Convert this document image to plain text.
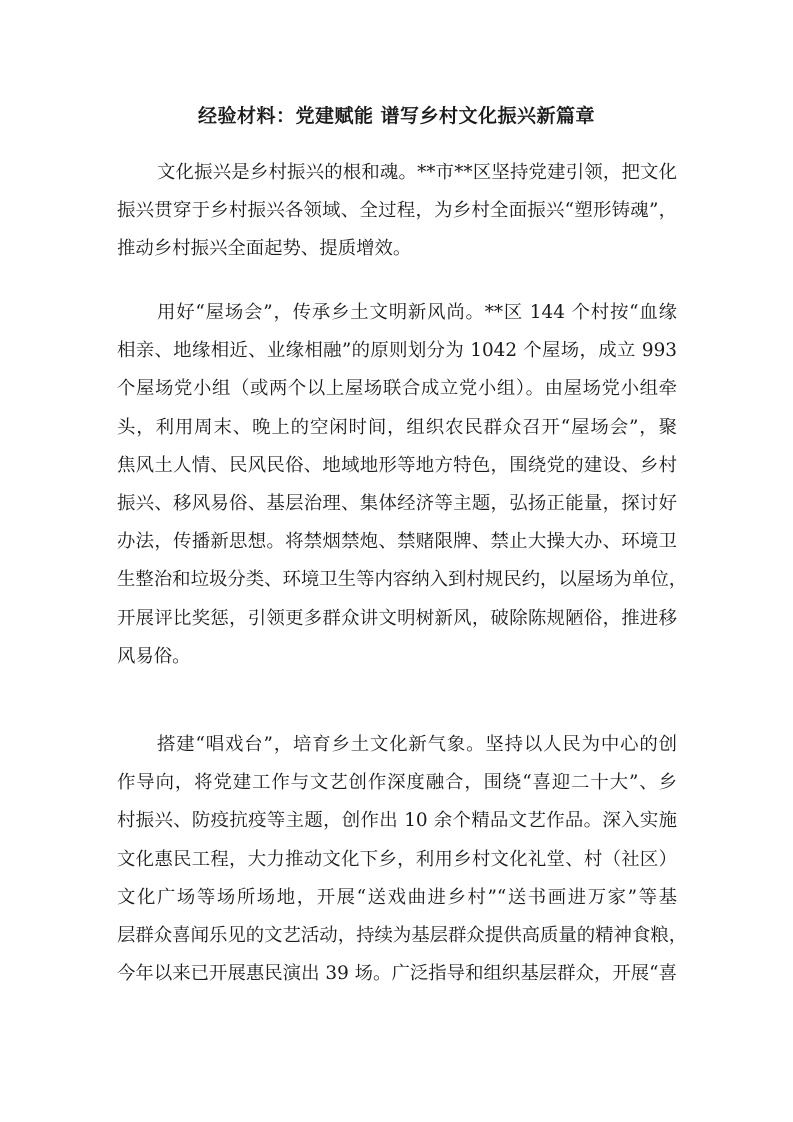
经验材料：党建赋能 谱写乡村文化振兴新篇章
文化振兴是乡村振兴的根和魂。**市**区坚持党建引领，把文化
振兴贯穿于乡村振兴各领域、全过程，为乡村全面振兴“塑形铸魂”，
推动乡村振兴全面起势、提质增效。
用好“屋场会”，传承乡土文明新风尚。**区 144 个村按“血缘
相亲、地缘相近、业缘相融”的原则划分为 1042 个屋场，成立 993
个屋场党小组（或两个以上屋场联合成立党小组）。由屋场党小组牵
头，利用周末、晚上的空闲时间，组织农民群众召开“屋场会”，聚
焦风土人情、民风民俗、地域地形等地方特色，围绕党的建设、乡村
振兴、移风易俗、基层治理、集体经济等主题，弘扬正能量，探讨好
办法，传播新思想。将禁烟禁炮、禁赌限牌、禁止大操大办、环境卫
生整治和垃圾分类、环境卫生等内容纳入到村规民约，以屋场为单位，
开展评比奖惩，引领更多群众讲文明树新风，破除陈规陋俗，推进移
风易俗。
搭建“唱戏台”，培育乡土文化新气象。坚持以人民为中心的创
作导向，将党建工作与文艺创作深度融合，围绕“喜迎二十大”、乡
村振兴、防疫抗疫等主题，创作出 10 余个精品文艺作品。深入实施
文化惠民工程，大力推动文化下乡，利用乡村文化礼堂、村（社区）
文化广场等场所场地，开展“送戏曲进乡村”“送书画进万家”等基
层群众喜闻乐见的文艺活动，持续为基层群众提供高质量的精神食粮，
今年以来已开展惠民演出 39 场。广泛指导和组织基层群众，开展“喜
